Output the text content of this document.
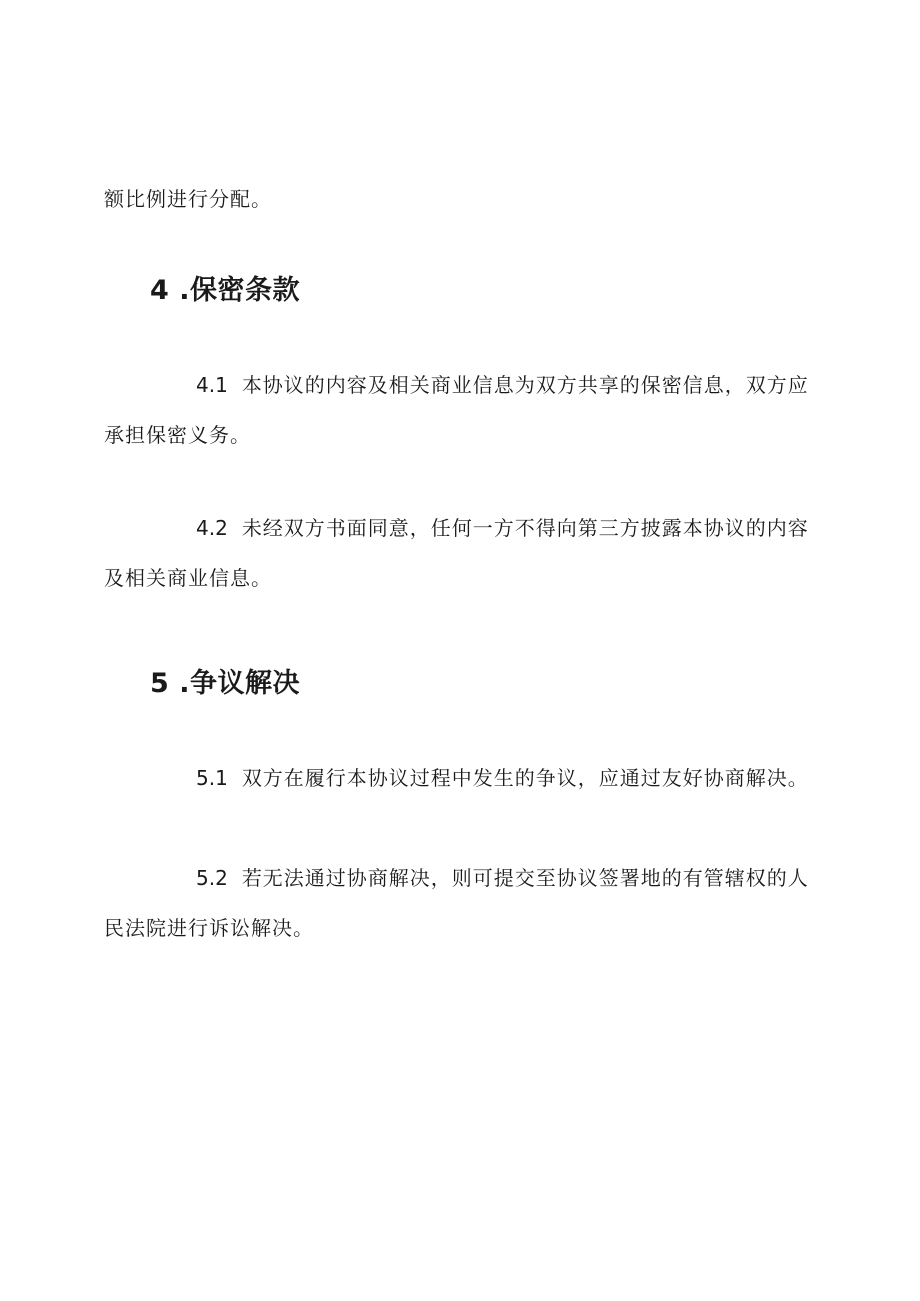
额比例进行分配。

4 .保密条款

4.1 本协议的内容及相关商业信息为双方共享的保密信息，双方应承担保密义务。

4.2 未经双方书面同意，任何一方不得向第三方披露本协议的内容及相关商业信息。

5 .争议解决

5.1 双方在履行本协议过程中发生的争议，应通过友好协商解决。

5.2 若无法通过协商解决，则可提交至协议签署地的有管辖权的人民法院进行诉讼解决。
